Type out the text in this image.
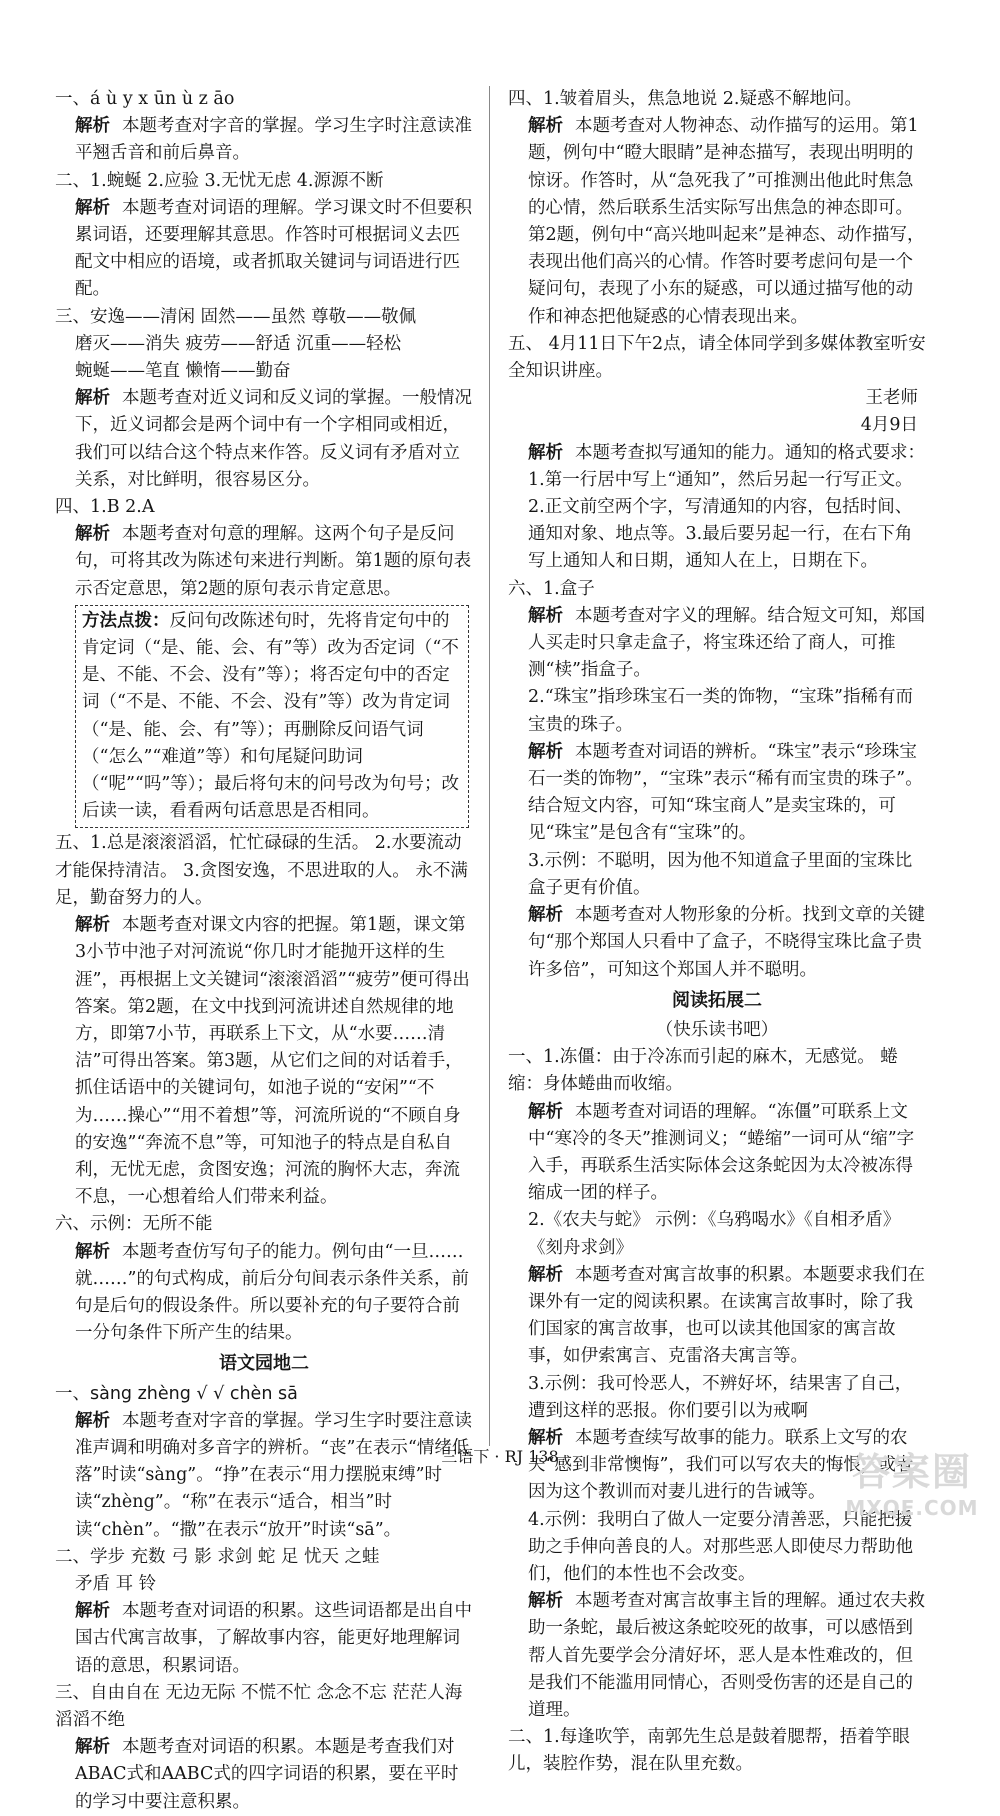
一、á ù y x ūn ù z āo

解析 本题考查对字音的掌握。学习生字时注意读准平翘舌音和前后鼻音。

二、1.蜿蜒 2.应验 3.无忧无虑 4.源源不断

解析 本题考查对词语的理解。学习课文时不但要积累词语，还要理解其意思。作答时可根据词义去匹配文中相应的语境，或者抓取关键词与词语进行匹配。

三、安逸——清闲 固然——虽然 尊敬——敬佩

磨灭——消失 疲劳——舒适 沉重——轻松

蜿蜒——笔直 懒惰——勤奋

解析 本题考查对近义词和反义词的掌握。一般情况下，近义词都会是两个词中有一个字相同或相近，我们可以结合这个特点来作答。反义词有矛盾对立关系，对比鲜明，很容易区分。

四、1.B 2.A

解析 本题考查对句意的理解。这两个句子是反问句，可将其改为陈述句来进行判断。第1题的原句表示否定意思，第2题的原句表示肯定意思。

方法点拨：反问句改陈述句时，先将肯定句中的肯定词（“是、能、会、有”等）改为否定词（“不是、不能、不会、没有”等）；将否定句中的否定词（“不是、不能、不会、没有”等）改为肯定词（“是、能、会、有”等）；再删除反问语气词（“怎么”“难道”等）和句尾疑问助词（“呢”“吗”等）；最后将句末的问号改为句号；改后读一读，看看两句话意思是否相同。

五、1.总是滚滚滔滔，忙忙碌碌的生活。 2.水要流动才能保持清洁。 3.贪图安逸，不思进取的人。 永不满足，勤奋努力的人。

解析 本题考查对课文内容的把握。第1题，课文第3小节中池子对河流说“你几时才能抛开这样的生涯”，再根据上文关键词“滚滚滔滔”“疲劳”便可得出答案。第2题，在文中找到河流讲述自然规律的地方，即第7小节，再联系上下文，从“水要……清洁”可得出答案。第3题，从它们之间的对话着手，抓住话语中的关键词句，如池子说的“安闲”“不为……操心”“用不着想”等，河流所说的“不顾自身的安逸”“奔流不息”等，可知池子的特点是自私自利，无忧无虑，贪图安逸；河流的胸怀大志，奔流不息，一心想着给人们带来利益。

六、示例：无所不能

解析 本题考查仿写句子的能力。例句由“一旦……就……”的句式构成，前后分句间表示条件关系，前句是后句的假设条件。所以要补充的句子要符合前一分句条件下所产生的结果。

语文园地二

一、sàng zhèng √ √ chèn sā

解析 本题考查对字音的掌握。学习生字时要注意读准声调和明确对多音字的辨析。“丧”在表示“情绪低落”时读“sàng”。“挣”在表示“用力摆脱束缚”时读“zhèng”。“称”在表示“适合，相当”时读“chèn”。“撒”在表示“放开”时读“sā”。

二、学步 充数 弓 影 求剑 蛇 足 忧天 之蛙

矛盾 耳 铃

解析 本题考查对词语的积累。这些词语都是出自中国古代寓言故事，了解故事内容，能更好地理解词语的意思，积累词语。

三、自由自在 无边无际 不慌不忙 念念不忘 茫茫人海 滔滔不绝

解析 本题考查对词语的积累。本题是考查我们对ABAC式和AABC式的四字词语的积累，要在平时的学习中要注意积累。

四、1.皱着眉头，焦急地说 2.疑惑不解地问。

解析 本题考查对人物神态、动作描写的运用。第1题，例句中“瞪大眼睛”是神态描写，表现出明明的惊讶。作答时，从“急死我了”可推测出他此时焦急的心情，然后联系生活实际写出焦急的神态即可。第2题，例句中“高兴地叫起来”是神态、动作描写，表现出他们高兴的心情。作答时要考虑问句是一个疑问句，表现了小东的疑惑，可以通过描写他的动作和神态把他疑惑的心情表现出来。

五、 4月11日下午2点，请全体同学到多媒体教室听安全知识讲座。

王老师

4月9日

解析 本题考查拟写通知的能力。通知的格式要求：1.第一行居中写上“通知”，然后另起一行写正文。2.正文前空两个字，写清通知的内容，包括时间、通知对象、地点等。3.最后要另起一行，在右下角写上通知人和日期，通知人在上，日期在下。

六、1.盒子

解析 本题考查对字义的理解。结合短文可知，郑国人买走时只拿走盒子，将宝珠还给了商人，可推测“椟”指盒子。

2.“珠宝”指珍珠宝石一类的饰物，“宝珠”指稀有而宝贵的珠子。

解析 本题考查对词语的辨析。“珠宝”表示“珍珠宝石一类的饰物”，“宝珠”表示“稀有而宝贵的珠子”。结合短文内容，可知“珠宝商人”是卖宝珠的，可见“珠宝”是包含有“宝珠”的。

3.示例：不聪明，因为他不知道盒子里面的宝珠比盒子更有价值。

解析 本题考查对人物形象的分析。找到文章的关键句“那个郑国人只看中了盒子，不晓得宝珠比盒子贵许多倍”，可知这个郑国人并不聪明。

阅读拓展二

（快乐读书吧）

一、1.冻僵：由于冷冻而引起的麻木，无感觉。 蜷缩：身体蜷曲而收缩。

解析 本题考查对词语的理解。“冻僵”可联系上文中“寒冷的冬天”推测词义；“蜷缩”一词可从“缩”字入手，再联系生活实际体会这条蛇因为太冷被冻得缩成一团的样子。

2.《农夫与蛇》 示例：《乌鸦喝水》《自相矛盾》《刻舟求剑》

解析 本题考查对寓言故事的积累。本题要求我们在课外有一定的阅读积累。在读寓言故事时，除了我们国家的寓言故事，也可以读其他国家的寓言故事，如伊索寓言、克雷洛夫寓言等。

3.示例：我可怜恶人，不辨好坏，结果害了自己，遭到这样的恶报。你们要引以为戒啊

解析 本题考查续写故事的能力。联系上文写的农夫“感到非常懊悔”，我们可以写农夫的悔恨，或者因为这个教训而对妻儿进行的告诫等。

4.示例：我明白了做人一定要分清善恶，只能把援助之手伸向善良的人。对那些恶人即使尽力帮助他们，他们的本性也不会改变。

解析 本题考查对寓言故事主旨的理解。通过农夫救助一条蛇，最后被这条蛇咬死的故事，可以感悟到帮人首先要学会分清好坏，恶人是本性难改的，但是我们不能滥用同情心，否则受伤害的还是自己的道理。

二、1.每逢吹竽，南郭先生总是鼓着腮帮，捂着竽眼儿，装腔作势，混在队里充数。

三语下 · RJ 138	答案圈
MXQE.COM
